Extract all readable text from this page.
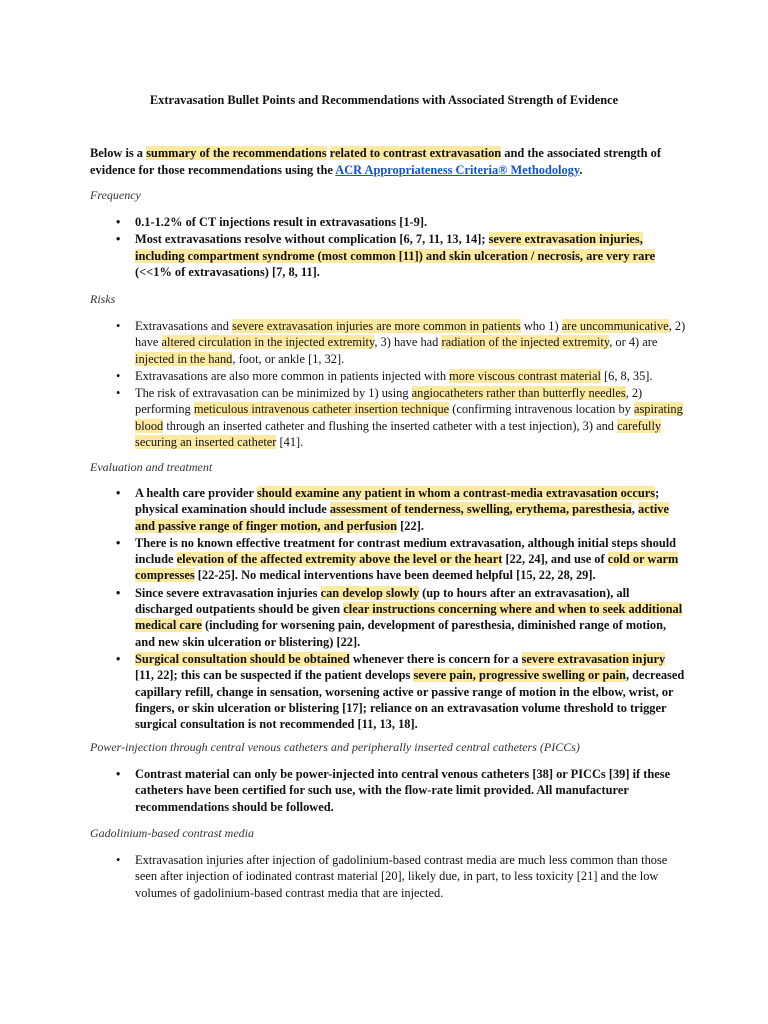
Extravasation Bullet Points and Recommendations with Associated Strength of Evidence
Below is a summary of the recommendations related to contrast extravasation and the associated strength of evidence for those recommendations using the ACR Appropriateness Criteria® Methodology.
Frequency
• 0.1-1.2% of CT injections result in extravasations [1-9].
• Most extravasations resolve without complication [6, 7, 11, 13, 14]; severe extravasation injuries, including compartment syndrome (most common [11]) and skin ulceration / necrosis, are very rare (<<1% of extravasations) [7, 8, 11].
Risks
• Extravasations and severe extravasation injuries are more common in patients who 1) are uncommunicative, 2) have altered circulation in the injected extremity, 3) have had radiation of the injected extremity, or 4) are injected in the hand, foot, or ankle [1, 32].
• Extravasations are also more common in patients injected with more viscous contrast material [6, 8, 35].
• The risk of extravasation can be minimized by 1) using angiocatheters rather than butterfly needles, 2) performing meticulous intravenous catheter insertion technique (confirming intravenous location by aspirating blood through an inserted catheter and flushing the inserted catheter with a test injection), 3) and carefully securing an inserted catheter [41].
Evaluation and treatment
• A health care provider should examine any patient in whom a contrast-media extravasation occurs; physical examination should include assessment of tenderness, swelling, erythema, paresthesia, active and passive range of finger motion, and perfusion [22].
• There is no known effective treatment for contrast medium extravasation, although initial steps should include elevation of the affected extremity above the level or the heart [22, 24], and use of cold or warm compresses [22-25]. No medical interventions have been deemed helpful [15, 22, 28, 29].
• Since severe extravasation injuries can develop slowly (up to hours after an extravasation), all discharged outpatients should be given clear instructions concerning where and when to seek additional medical care (including for worsening pain, development of paresthesia, diminished range of motion, and new skin ulceration or blistering) [22].
• Surgical consultation should be obtained whenever there is concern for a severe extravasation injury [11, 22]; this can be suspected if the patient develops severe pain, progressive swelling or pain, decreased capillary refill, change in sensation, worsening active or passive range of motion in the elbow, wrist, or fingers, or skin ulceration or blistering [17]; reliance on an extravasation volume threshold to trigger surgical consultation is not recommended [11, 13, 18].
Power-injection through central venous catheters and peripherally inserted central catheters (PICCs)
• Contrast material can only be power-injected into central venous catheters [38] or PICCs [39] if these catheters have been certified for such use, with the flow-rate limit provided. All manufacturer recommendations should be followed.
Gadolinium-based contrast media
• Extravasation injuries after injection of gadolinium-based contrast media are much less common than those seen after injection of iodinated contrast material [20], likely due, in part, to less toxicity [21] and the low volumes of gadolinium-based contrast media that are injected.
